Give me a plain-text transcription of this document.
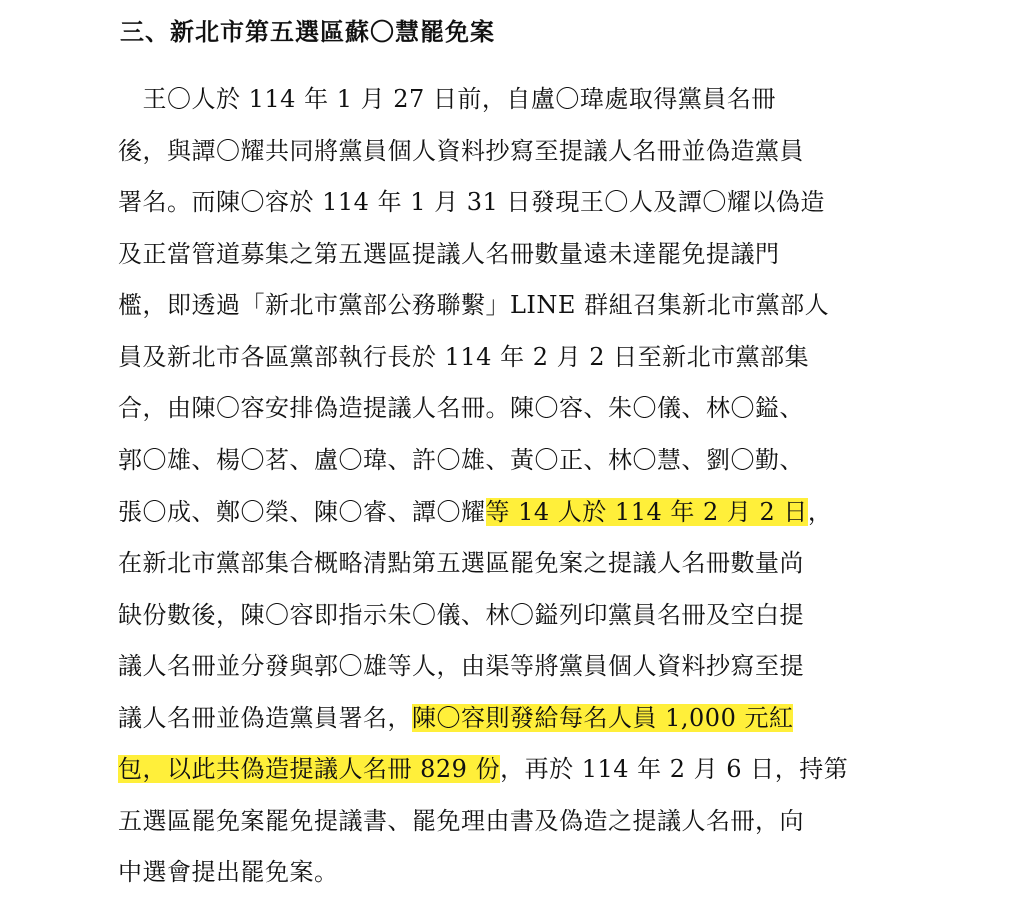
三、新北市第五選區蘇〇慧罷免案
　王〇人於 114 年 1 月 27 日前，自盧〇瑋處取得黨員名冊
後，與譚〇耀共同將黨員個人資料抄寫至提議人名冊並偽造黨員
署名。而陳〇容於 114 年 1 月 31 日發現王〇人及譚〇耀以偽造
及正當管道募集之第五選區提議人名冊數量遠未達罷免提議門
檻，即透過「新北市黨部公務聯繫」LINE 群組召集新北市黨部人
員及新北市各區黨部執行長於 114 年 2 月 2 日至新北市黨部集
合，由陳〇容安排偽造提議人名冊。陳〇容、朱〇儀、林〇鎰、
郭〇雄、楊〇茗、盧〇瑋、許〇雄、黃〇正、林〇慧、劉〇勤、
張〇成、鄭〇榮、陳〇睿、譚〇耀等 14 人於 114 年 2 月 2 日，
在新北市黨部集合概略清點第五選區罷免案之提議人名冊數量尚
缺份數後，陳〇容即指示朱〇儀、林〇鎰列印黨員名冊及空白提
議人名冊並分發與郭〇雄等人，由渠等將黨員個人資料抄寫至提
議人名冊並偽造黨員署名，陳〇容則發給每名人員 1,000 元紅
包，以此共偽造提議人名冊 829 份，再於 114 年 2 月 6 日，持第
五選區罷免案罷免提議書、罷免理由書及偽造之提議人名冊，向
中選會提出罷免案。
